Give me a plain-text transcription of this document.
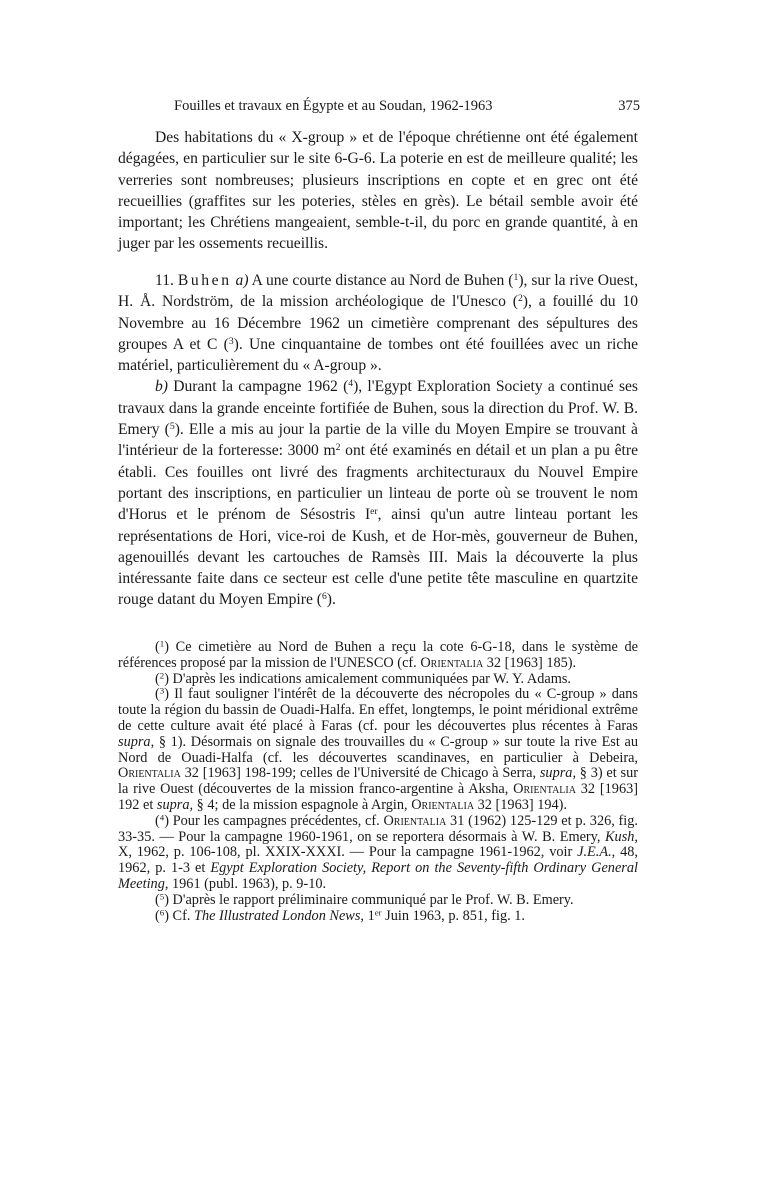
Fouilles et travaux en Égypte et au Soudan, 1962-1963	375

Des habitations du « X-group » et de l'époque chrétienne ont été également dégagées, en particulier sur le site 6-G-6. La poterie en est de meilleure qualité; les verreries sont nombreuses; plusieurs inscriptions en copte et en grec ont été recueillies (graffites sur les poteries, stèles en grès). Le bétail semble avoir été important; les Chrétiens mangeaient, semble-t-il, du porc en grande quantité, à en juger par les ossements recueillis.

11. Buhen a) A une courte distance au Nord de Buhen ($^1$), sur la rive Ouest, H. Å. Nordström, de la mission archéologique de l'Unesco ($^2$), a fouillé du 10 Novembre au 16 Décembre 1962 un cimetière comprenant des sépultures des groupes A et C ($^3$). Une cinquantaine de tombes ont été fouillées avec un riche matériel, particulièrement du « A-group ».

b) Durant la campagne 1962 ($^4$), l'Egypt Exploration Society a continué ses travaux dans la grande enceinte fortifiée de Buhen, sous la direction du Prof. W. B. Emery ($^5$). Elle a mis au jour la partie de la ville du Moyen Empire se trouvant à l'intérieur de la forteresse: 3000 $m^2$ ont été examinés en détail et un plan a pu être établi. Ces fouilles ont livré des fragments architecturaux du Nouvel Empire portant des inscriptions, en particulier un linteau de porte où se trouvent le nom d'Horus et le prénom de Sésostris Ier, ainsi qu'un autre linteau portant les représentations de Hori, vice-roi de Kush, et de Hor-mès, gouverneur de Buhen, agenouillés devant les cartouches de Ramsès III. Mais la découverte la plus intéressante faite dans ce secteur est celle d'une petite tête masculine en quartzite rouge datant du Moyen Empire ($^6$).

($^1$) Ce cimetière au Nord de Buhen a reçu la cote 6-G-18, dans le système de références proposé par la mission de l'UNESCO (cf. Orientalia 32 [1963] 185).

($^2$) D'après les indications amicalement communiquées par W. Y. Adams.

($^3$) Il faut souligner l'intérêt de la découverte des nécropoles du « C-group » dans toute la région du bassin de Ouadi-Halfa. En effet, longtemps, le point méridional extrême de cette culture avait été placé à Faras (cf. pour les découvertes plus récentes à Faras supra, § 1). Désormais on signale des trouvailles du « C-group » sur toute la rive Est au Nord de Ouadi-Halfa (cf. les découvertes scandinaves, en particulier à Debeira, Orientalia 32 [1963] 198-199; celles de l'Université de Chicago à Serra, supra, § 3) et sur la rive Ouest (découvertes de la mission franco-argentine à Aksha, Orientalia 32 [1963] 192 et supra, § 4; de la mission espagnole à Argin, Orientalia 32 [1963] 194).

($^4$) Pour les campagnes précédentes, cf. Orientalia 31 (1962) 125-129 et p. 326, fig. 33-35. — Pour la campagne 1960-1961, on se reportera désormais à W. B. Emery, Kush, X, 1962, p. 106-108, pl. XXIX-XXXI. — Pour la campagne 1961-1962, voir J.E.A., 48, 1962, p. 1-3 et Egypt Exploration Society, Report on the Seventy-fifth Ordinary General Meeting, 1961 (publ. 1963), p. 9-10.

($^5$) D'après le rapport préliminaire communiqué par le Prof. W. B. Emery.

($^6$) Cf. The Illustrated London News, 1er Juin 1963, p. 851, fig. 1.
